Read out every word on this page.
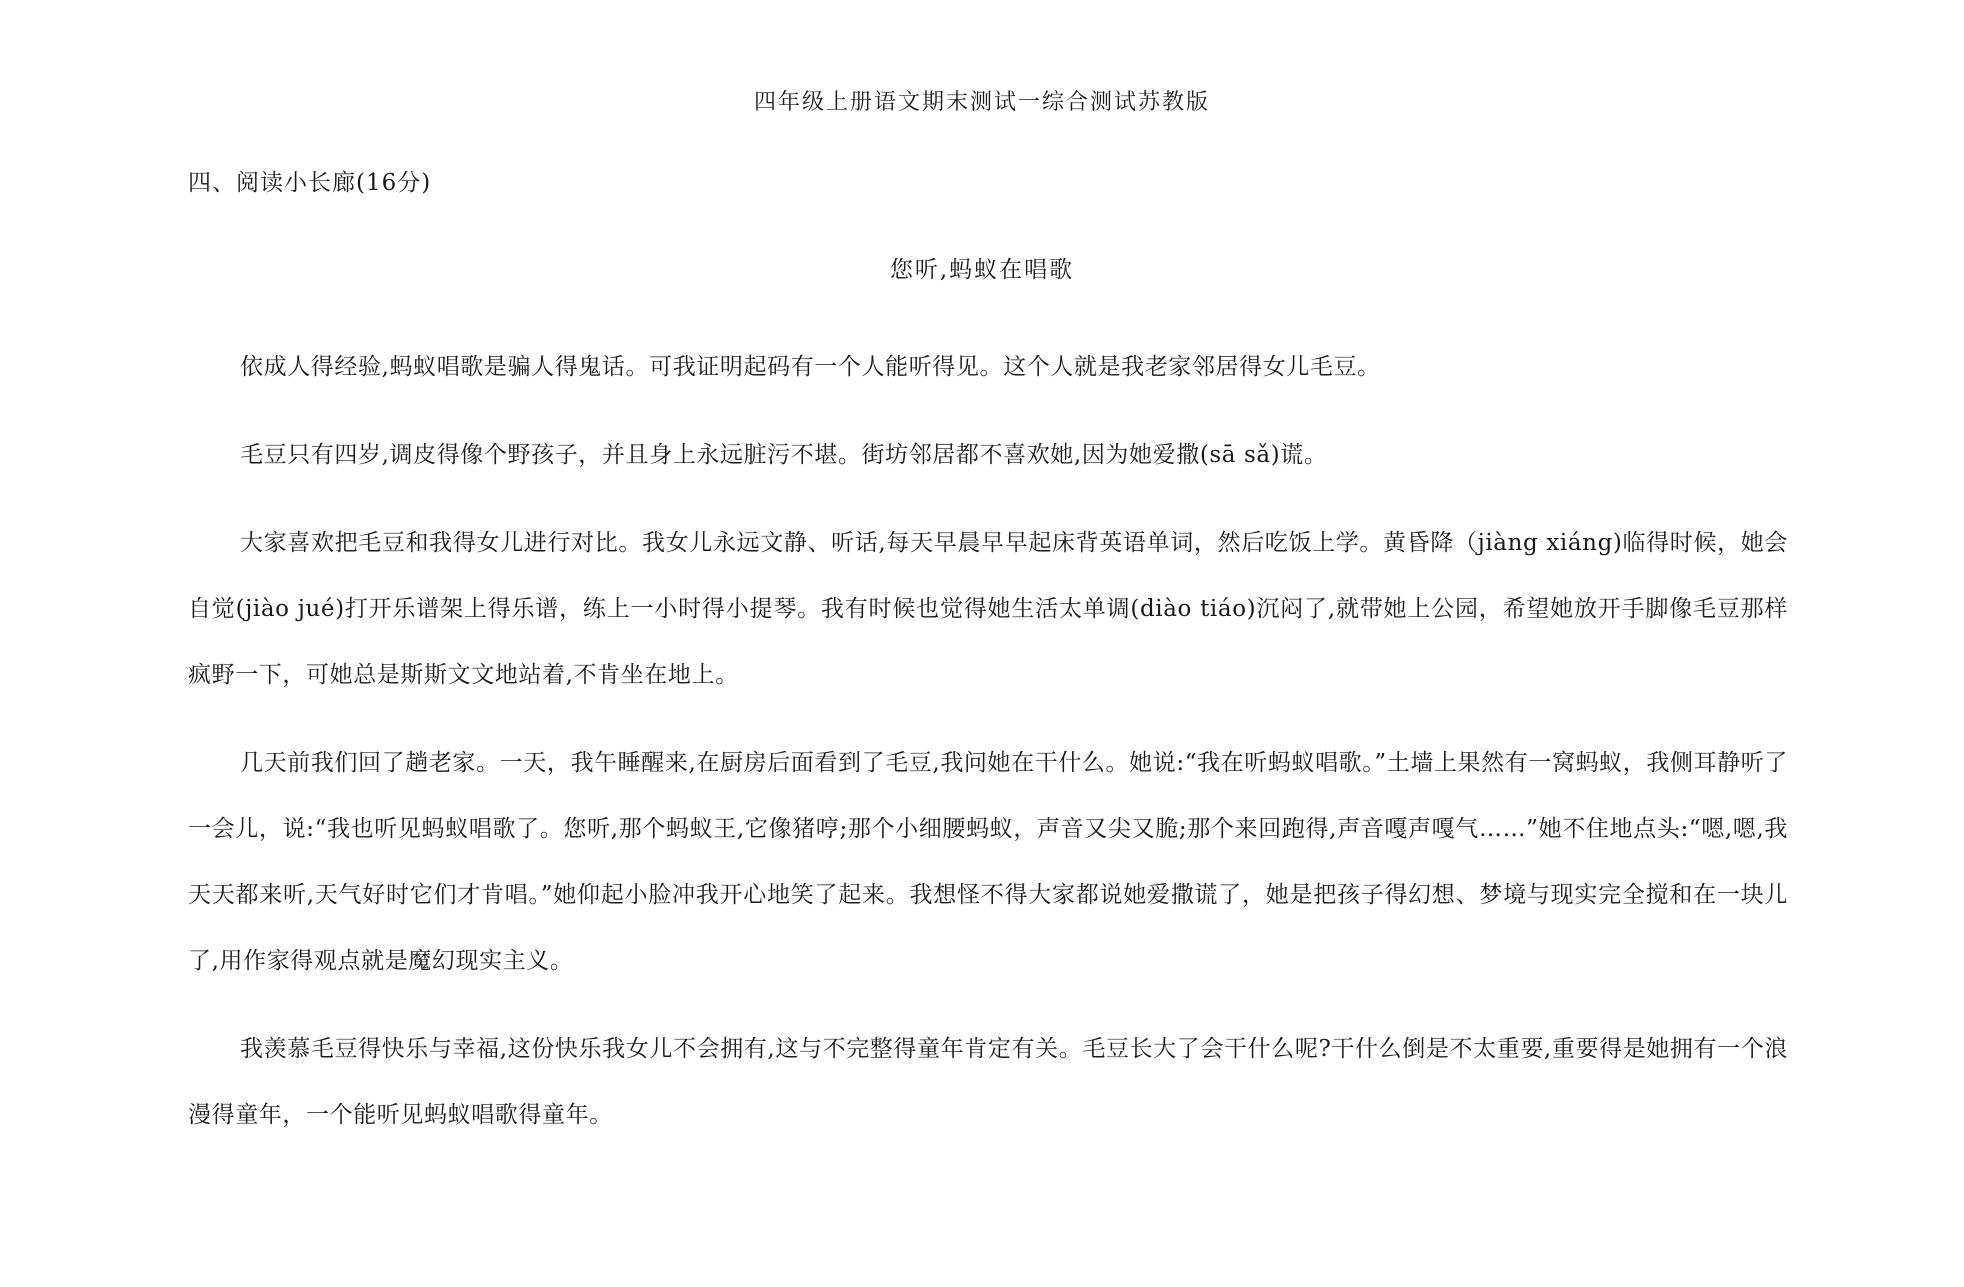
四年级上册语文期末测试一综合测试苏教版
四、阅读小长廊(16分)
您听,蚂蚁在唱歌

依成人得经验,蚂蚁唱歌是骗人得鬼话。可我证明起码有一个人能听得见。这个人就是我老家邻居得女儿毛豆。

毛豆只有四岁,调皮得像个野孩子，并且身上永远脏污不堪。街坊邻居都不喜欢她,因为她爱撒(sā sǎ)谎。

大家喜欢把毛豆和我得女儿进行对比。我女儿永远文静、听话,每天早晨早早起床背英语单词，然后吃饭上学。黄昏降（jiàng xiáng)临得时候，她会自觉(jiào jué)打开乐谱架上得乐谱，练上一小时得小提琴。我有时候也觉得她生活太单调(diào tiáo)沉闷了,就带她上公园，希望她放开手脚像毛豆那样疯野一下，可她总是斯斯文文地站着,不肯坐在地上。

几天前我们回了趟老家。一天，我午睡醒来,在厨房后面看到了毛豆,我问她在干什么。她说:“我在听蚂蚁唱歌。”土墙上果然有一窝蚂蚁，我侧耳静听了一会儿，说:“我也听见蚂蚁唱歌了。您听,那个蚂蚁王,它像猪哼;那个小细腰蚂蚁，声音又尖又脆;那个来回跑得,声音嘎声嘎气……”她不住地点头:“嗯,嗯,我天天都来听,天气好时它们才肯唱。”她仰起小脸冲我开心地笑了起来。我想怪不得大家都说她爱撒谎了，她是把孩子得幻想、梦境与现实完全搅和在一块儿了,用作家得观点就是魔幻现实主义。

我羡慕毛豆得快乐与幸福,这份快乐我女儿不会拥有,这与不完整得童年肯定有关。毛豆长大了会干什么呢?干什么倒是不太重要,重要得是她拥有一个浪漫得童年，一个能听见蚂蚁唱歌得童年。
